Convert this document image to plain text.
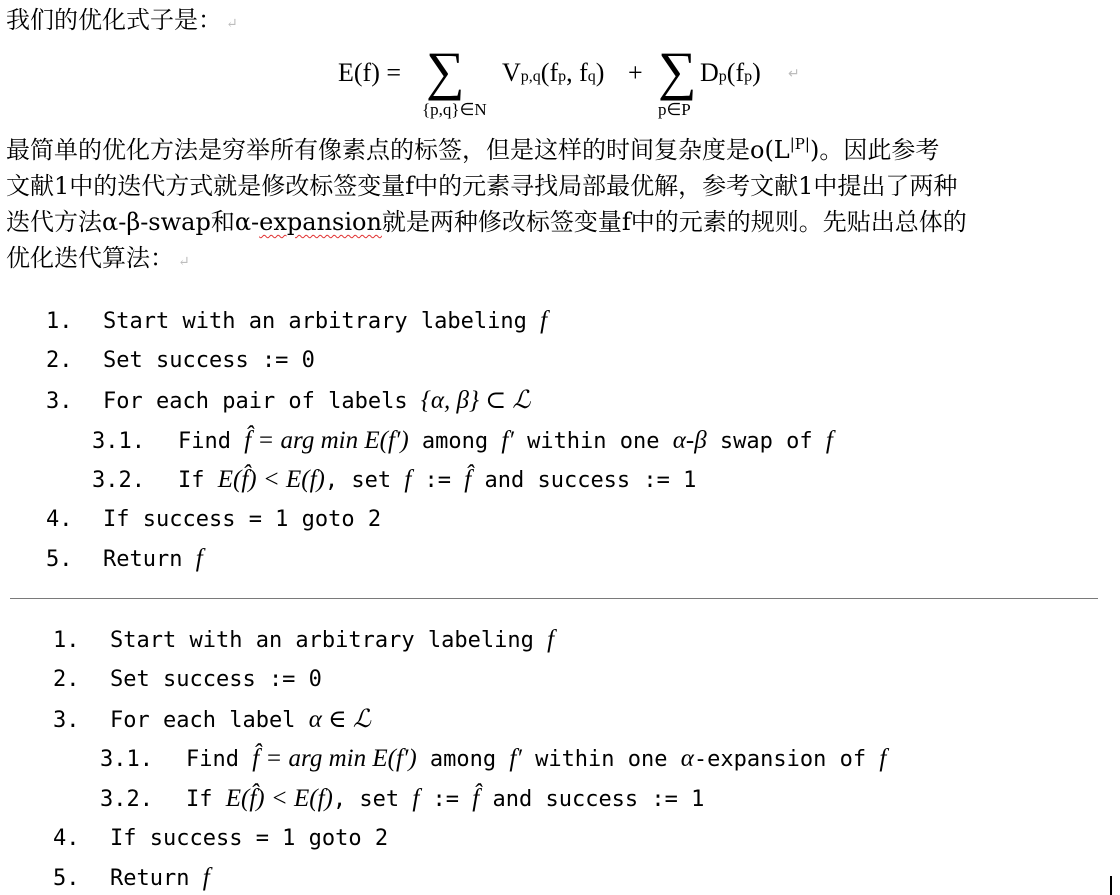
我们的优化式子是： ↵
E(f) = ∑
{p,q}∈N
Vp,q(fp, fq) + ∑
p∈P
Dp(fp) ↵
最简单的优化方法是穷举所有像素点的标签，但是这样的时间复杂度是$o(L^{|P|})$。因此参考
文献1中的迭代方式就是修改标签变量f中的元素寻找局部最优解，参考文献1中提出了两种
迭代方法α-β-swap和α-expansion就是两种修改标签变量f中的元素的规则。先贴出总体的
优化迭代算法： ↵
1. Start with an arbitrary labeling f
2. Set success := 0
3. For each pair of labels {α, β} ⊂ ℒ
3.1. Find f̂ = arg min E(f′) among f′ within one α-β swap of f
3.2. If E(f̂) < E(f), set f := f̂ and success := 1
4. If success = 1 goto 2
5. Return f
1. Start with an arbitrary labeling f
2. Set success := 0
3. For each label α ∈ ℒ
3.1. Find f̂ = arg min E(f′) among f′ within one α-expansion of f
3.2. If E(f̂) < E(f), set f := f̂ and success := 1
4. If success = 1 goto 2
5. Return f
